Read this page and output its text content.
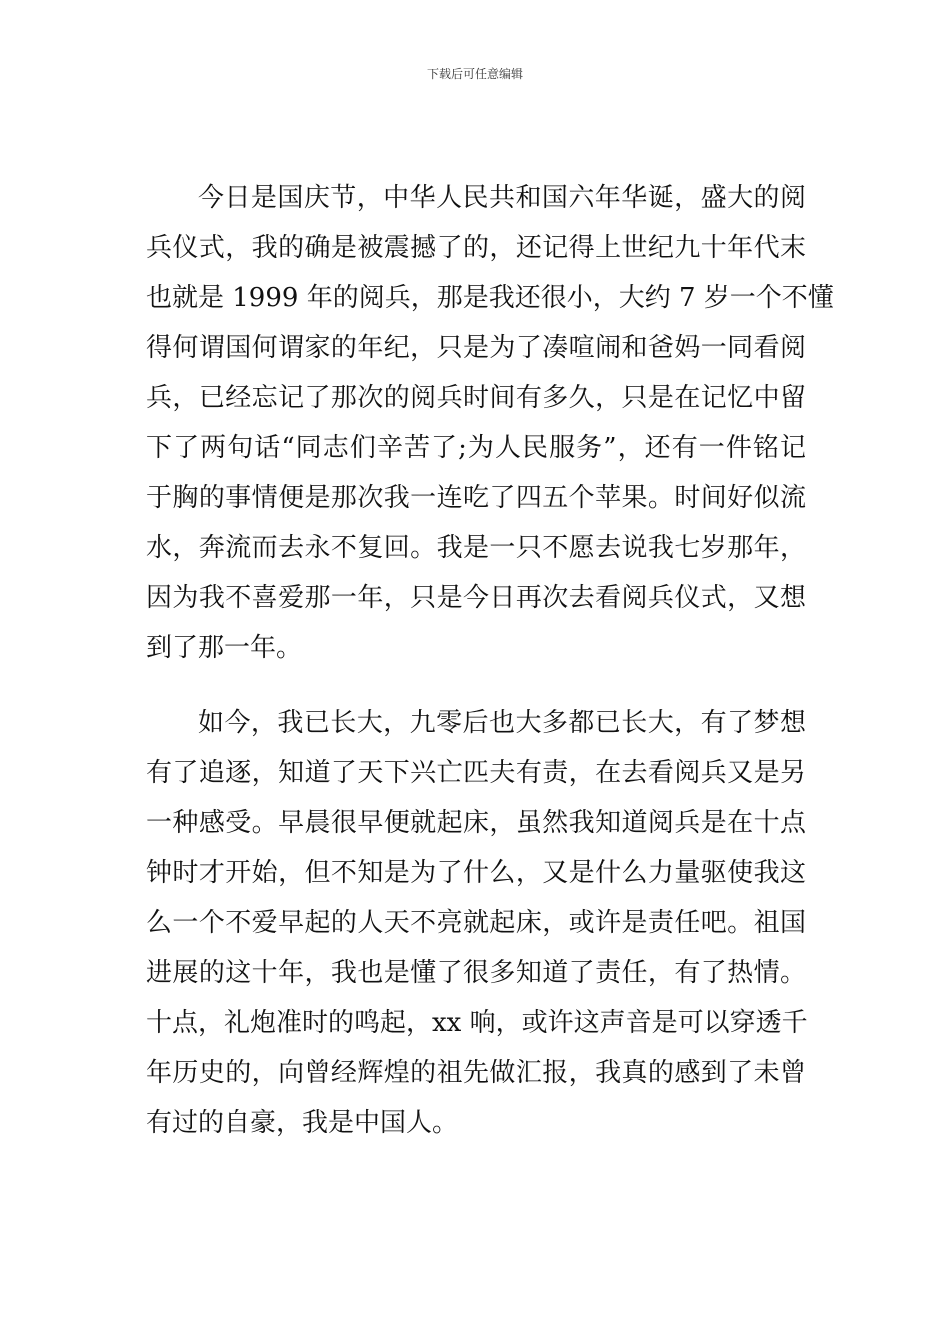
下载后可任意编辑
今日是国庆节，中华人民共和国六年华诞，盛大的阅
兵仪式，我的确是被震撼了的，还记得上世纪九十年代末
也就是 1999 年的阅兵，那是我还很小，大约 7 岁一个不懂
得何谓国何谓家的年纪，只是为了凑喧闹和爸妈一同看阅
兵，已经忘记了那次的阅兵时间有多久，只是在记忆中留
下了两句话“同志们辛苦了;为人民服务”，还有一件铭记
于胸的事情便是那次我一连吃了四五个苹果。时间好似流
水，奔流而去永不复回。我是一只不愿去说我七岁那年，
因为我不喜爱那一年，只是今日再次去看阅兵仪式，又想
到了那一年。
如今，我已长大，九零后也大多都已长大，有了梦想
有了追逐，知道了天下兴亡匹夫有责，在去看阅兵又是另
一种感受。早晨很早便就起床，虽然我知道阅兵是在十点
钟时才开始，但不知是为了什么，又是什么力量驱使我这
么一个不爱早起的人天不亮就起床，或许是责任吧。祖国
进展的这十年，我也是懂了很多知道了责任，有了热情。
十点，礼炮准时的鸣起，xx 响，或许这声音是可以穿透千
年历史的，向曾经辉煌的祖先做汇报，我真的感到了未曾
有过的自豪，我是中国人。
